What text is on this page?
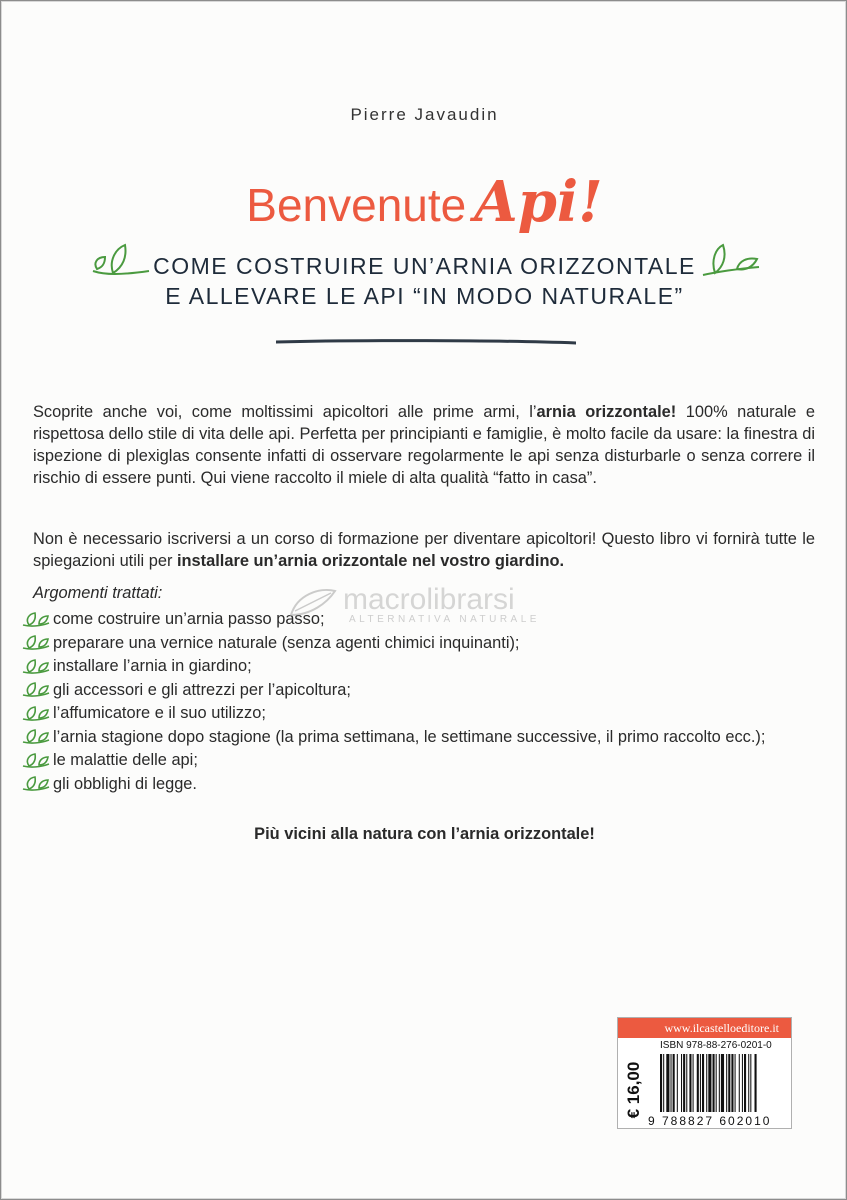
Pierre Javaudin
Benvenute Api!
COME COSTRUIRE UN’ARNIA ORIZZONTALE
E ALLEVARE LE API “IN MODO NATURALE”

Scoprite anche voi, come moltissimi apicoltori alle prime armi, l’arnia orizzontale! 100% naturale e rispettosa dello stile di vita delle api. Perfetta per principianti e famiglie, è molto facile da usare: la finestra di ispezione di plexiglas consente infatti di osservare regolarmente le api senza disturbarle o senza correre il rischio di essere punti. Qui viene raccolto il miele di alta qualità “fatto in casa”.

Non è necessario iscriversi a un corso di formazione per diventare apicoltori! Questo libro vi fornirà tutte le spiegazioni utili per installare un’arnia orizzontale nel vostro giardino.

Argomenti trattati:
come costruire un’arnia passo passo;
preparare una vernice naturale (senza agenti chimici inquinanti);
installare l’arnia in giardino;
gli accessori e gli attrezzi per l’apicoltura;
l’affumicatore e il suo utilizzo;
l’arnia stagione dopo stagione (la prima settimana, le settimane successive, il primo raccolto ecc.);
le malattie delle api;
gli obblighi di legge.
macrolibrarsi
ALTERNATIVA NATURALE
Più vicini alla natura con l’arnia orizzontale!
www.ilcastelloeditore.it
€ 16,00
ISBN 978-88-276-0201-0
9 788827 602010
